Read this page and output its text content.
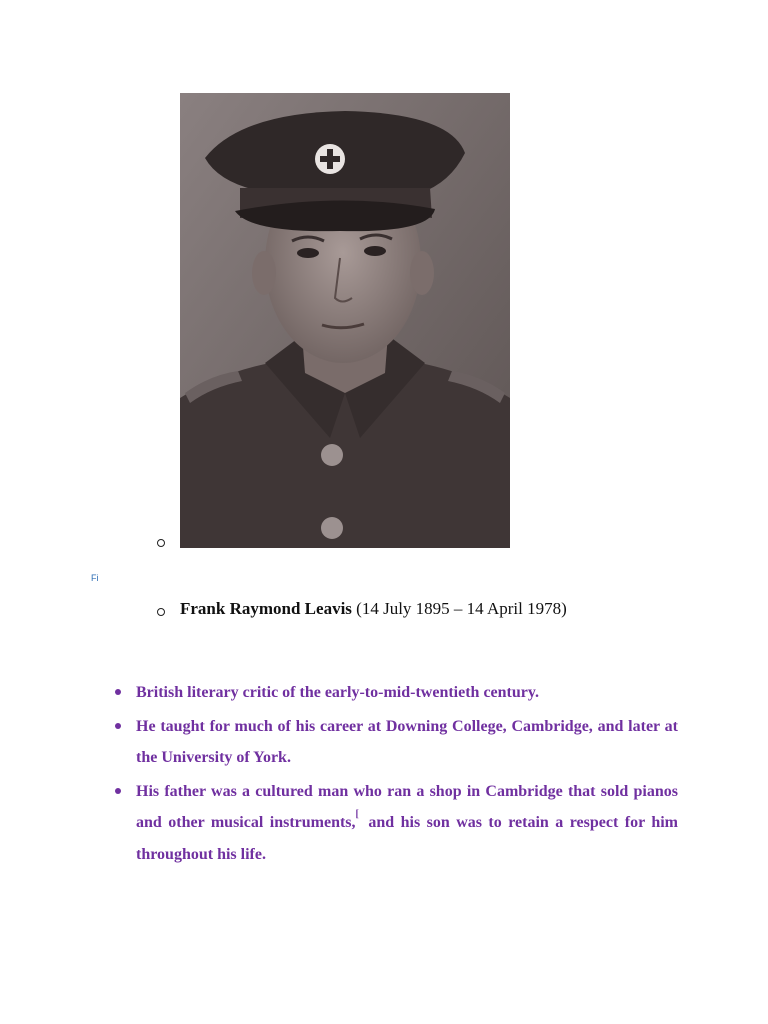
Fi
Frank Raymond Leavis (14 July 1895 – 14 April 1978)
British literary critic of the early-to-mid-twentieth century.
He taught for much of his career at Downing College, Cambridge, and later at the University of York.
His father was a cultured man who ran a shop in Cambridge that sold pianos and other musical instruments,[ and his son was to retain a respect for him throughout his life.
